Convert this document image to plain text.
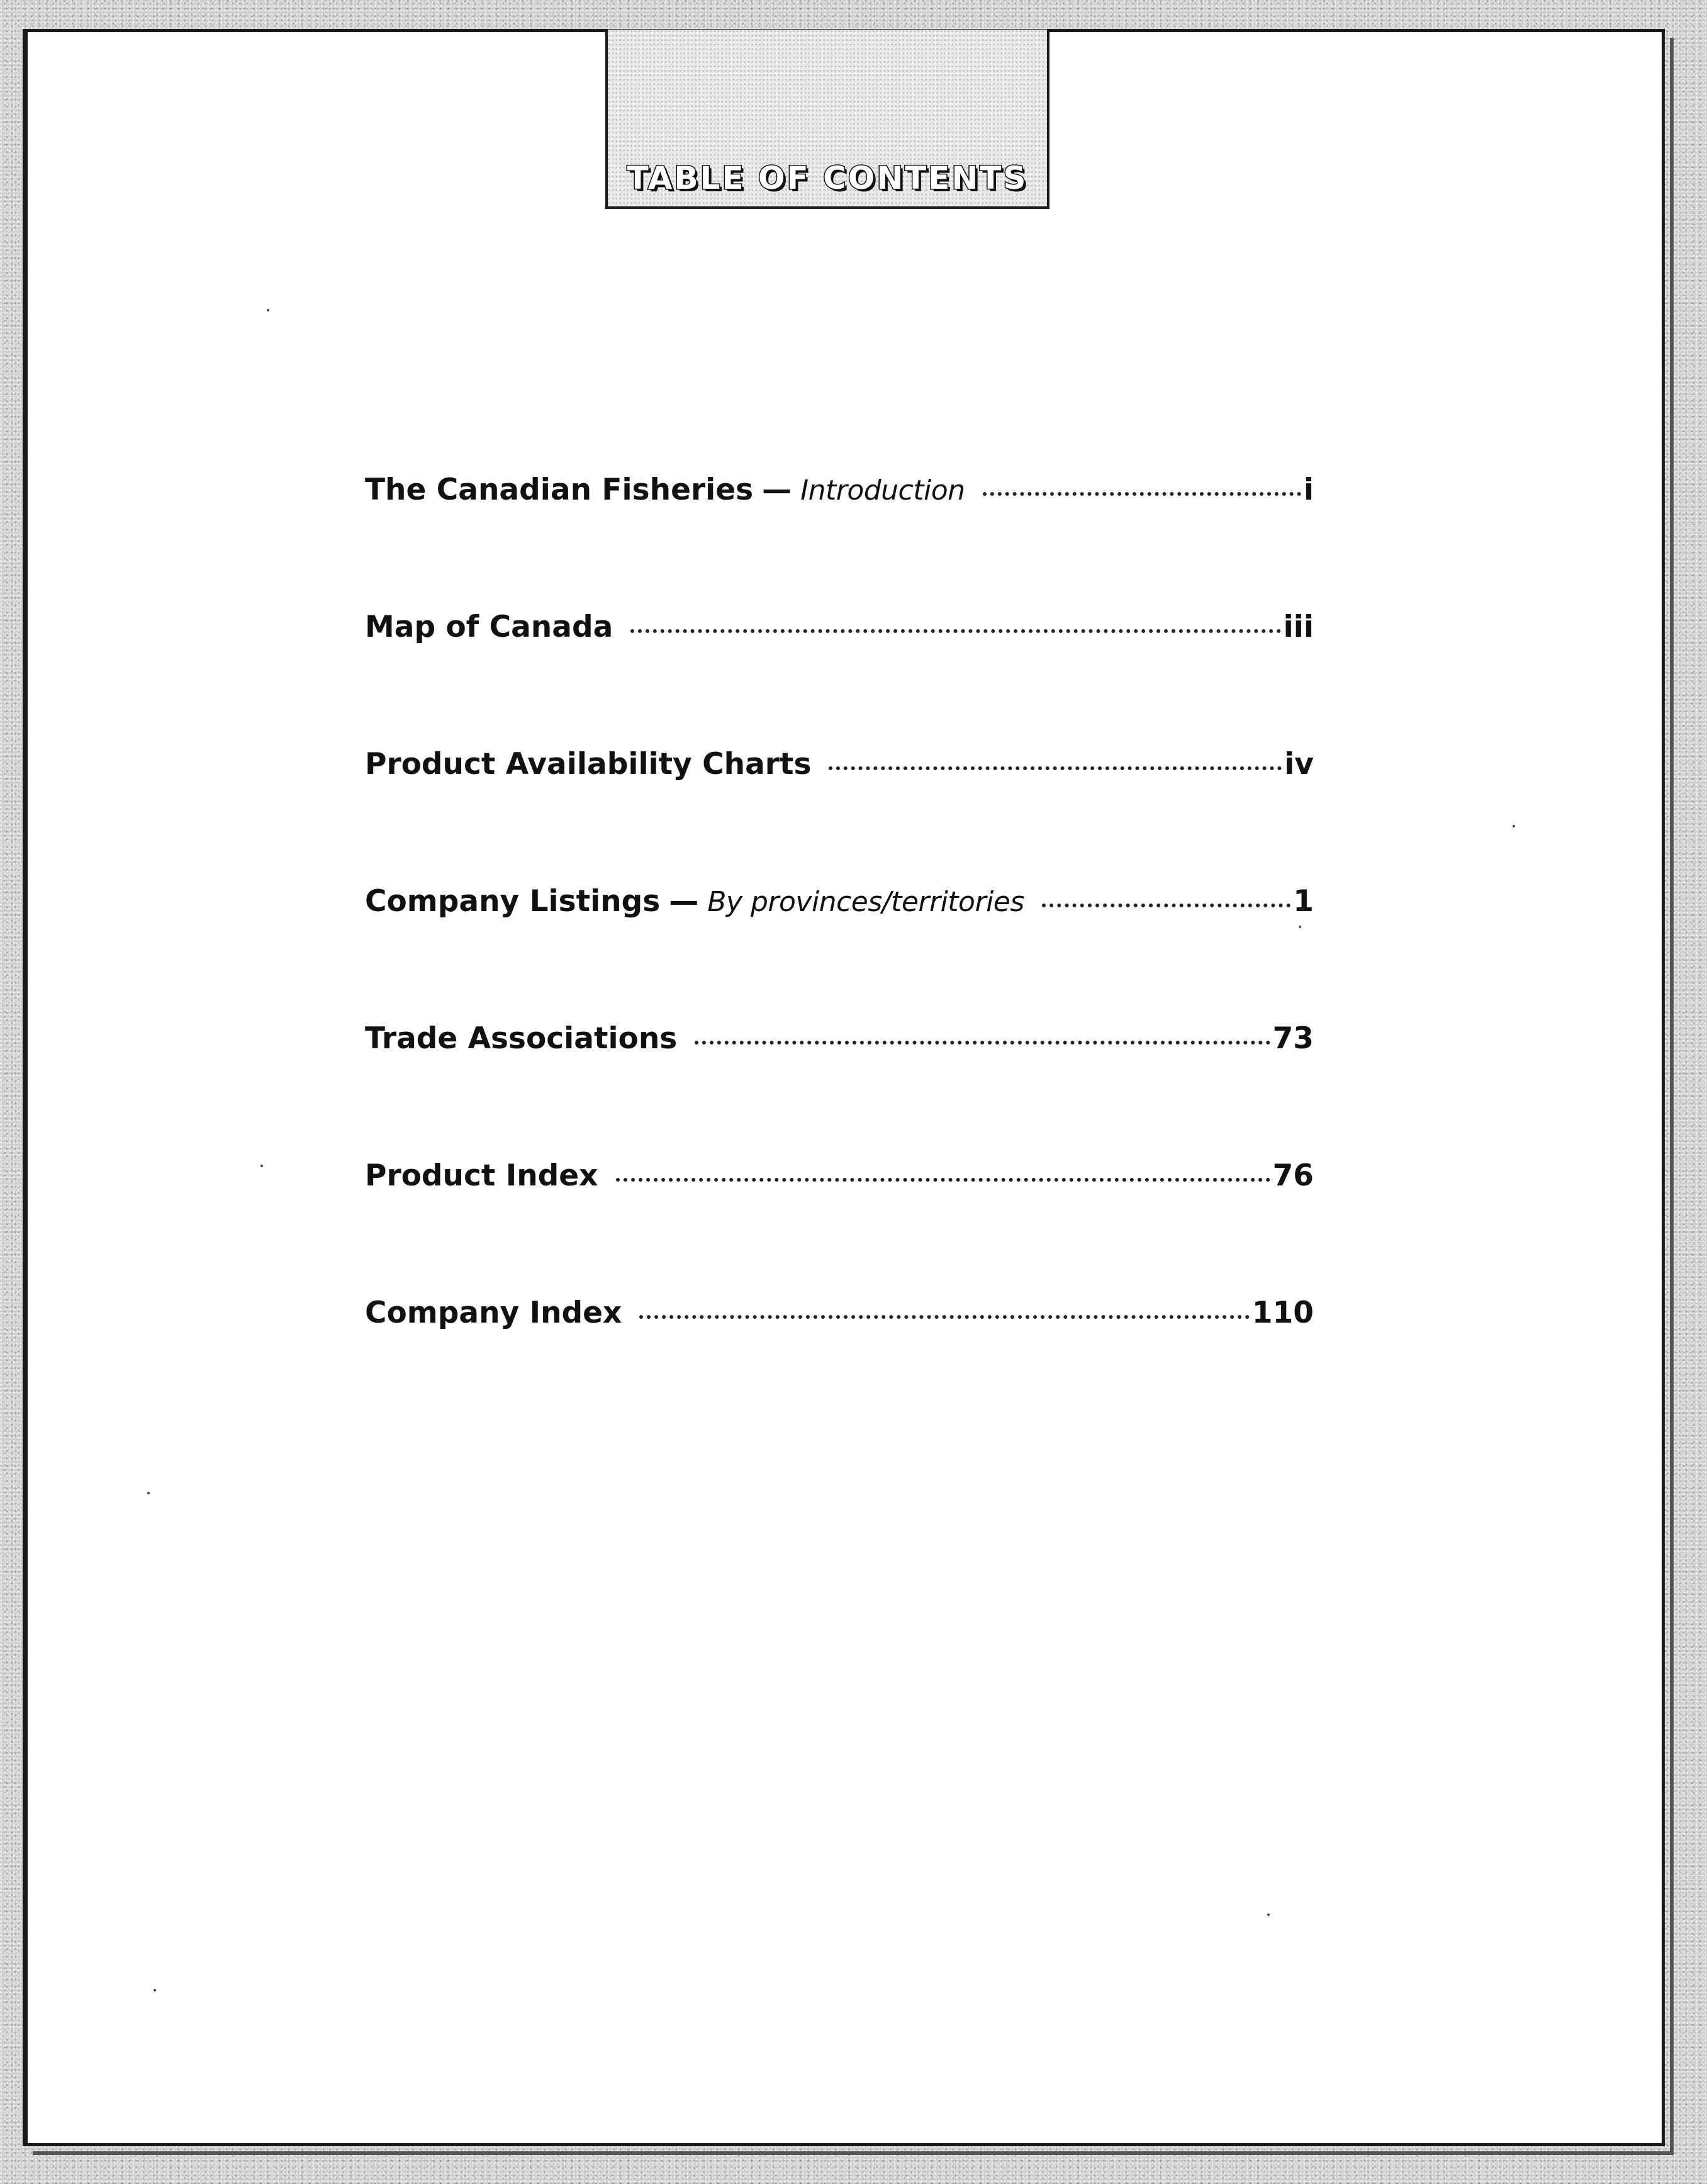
TABLE OF CONTENTS
The Canadian Fisheries — Introduction	i
Map of Canada	iii
Product Availability Charts	iv
Company Listings — By provinces/territories	1
Trade Associations	73
Product Index	76
Company Index	110
